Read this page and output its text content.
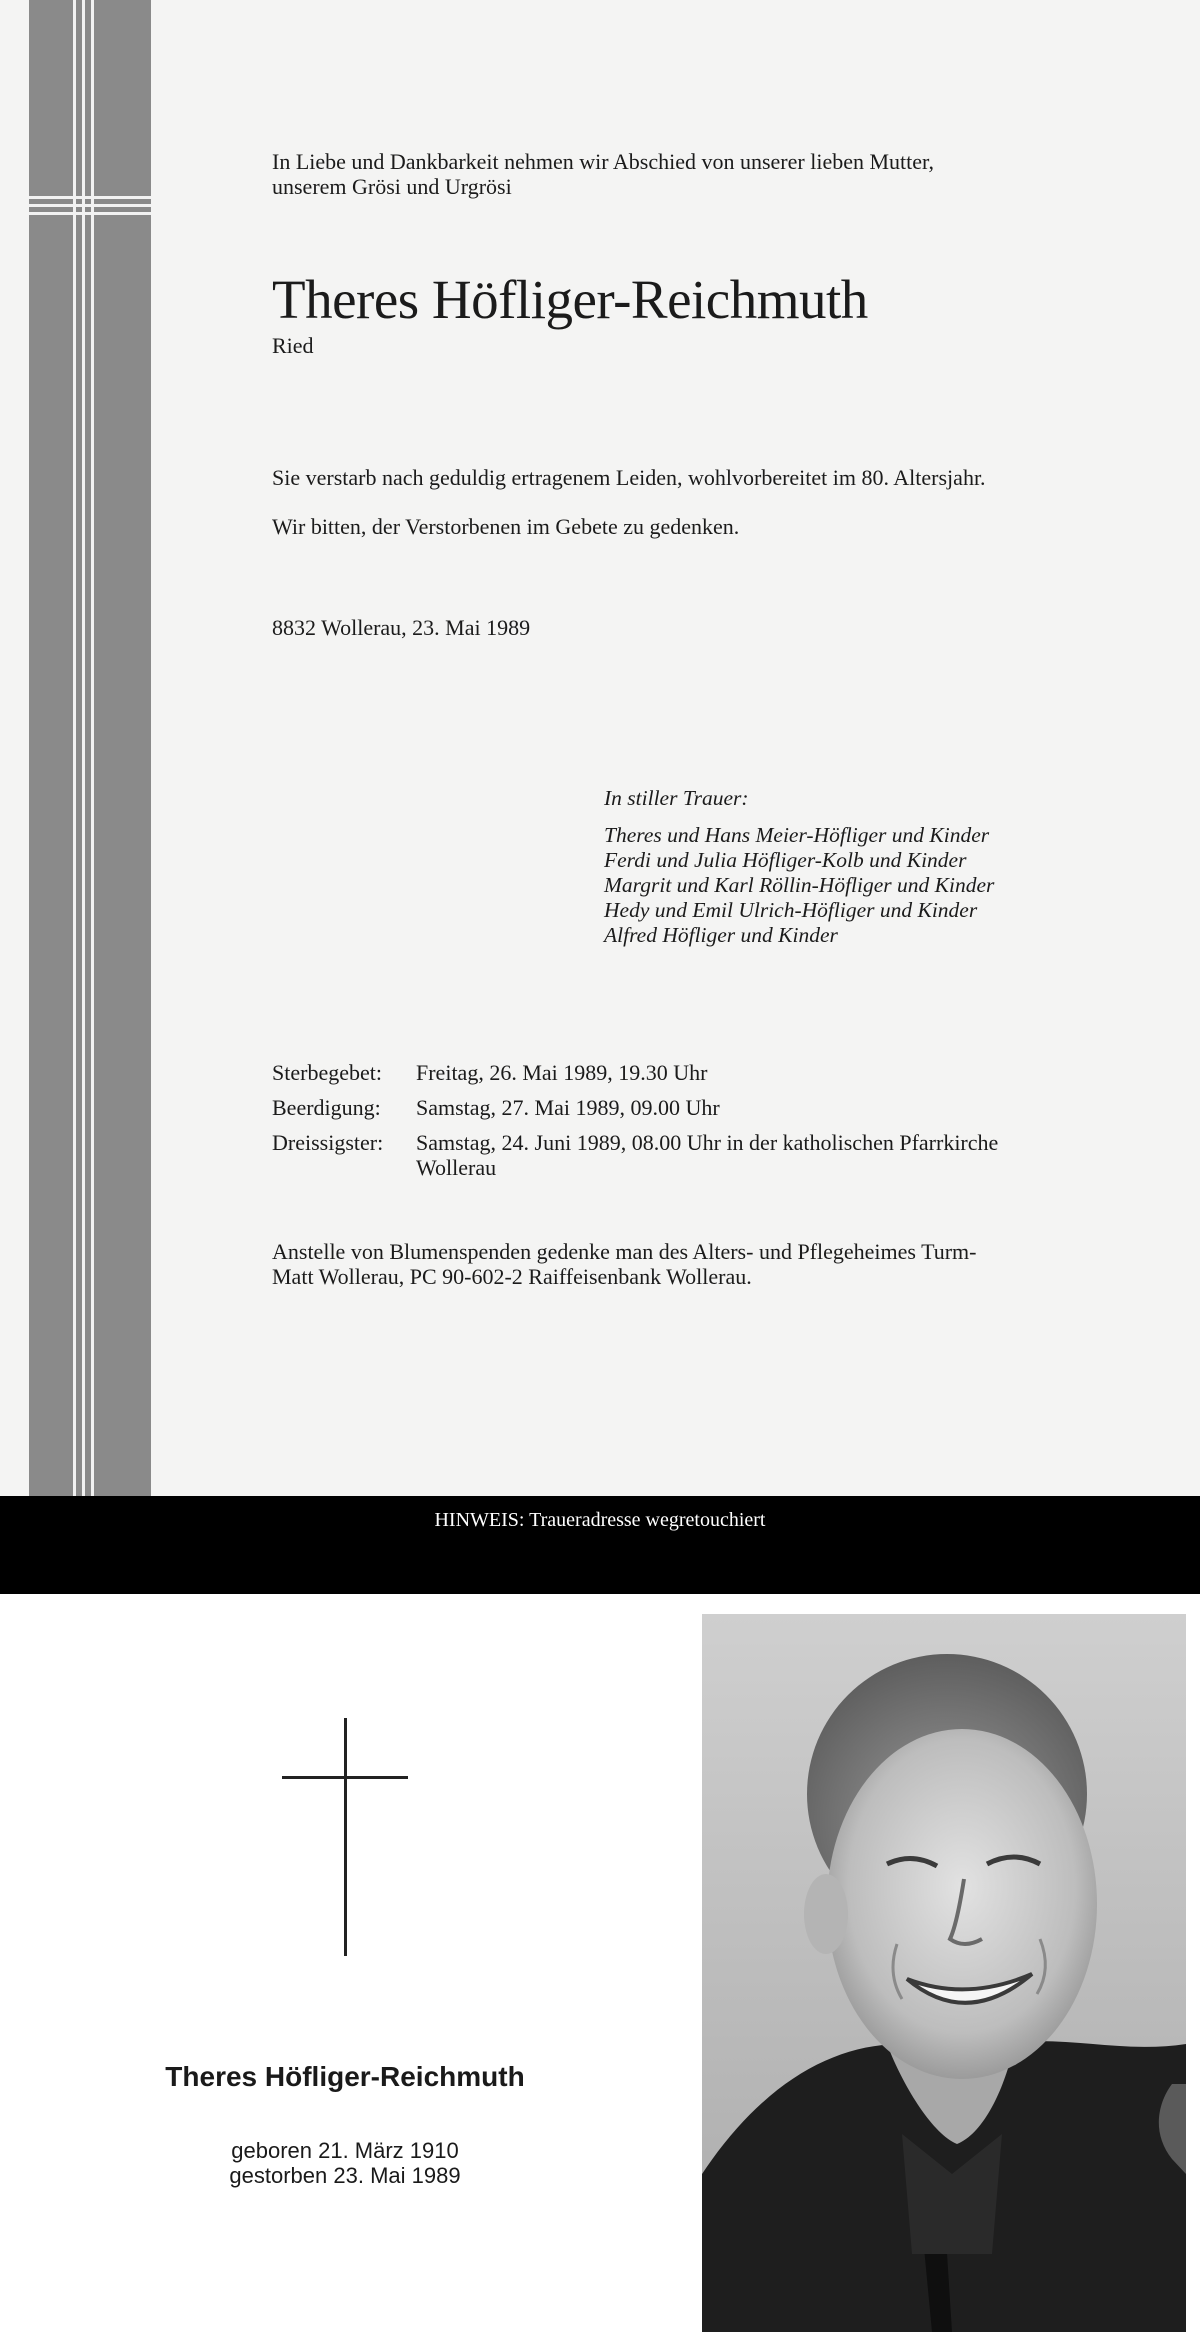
In Liebe und Dankbarkeit nehmen wir Abschied von unserer lieben Mutter,
unserem Grösi und Urgrösi
Theres Höfliger-Reichmuth
Ried
Sie verstarb nach geduldig ertragenem Leiden, wohlvorbereitet im 80. Altersjahr.
Wir bitten, der Verstorbenen im Gebete zu gedenken.
8832 Wollerau, 23. Mai 1989
In stiller Trauer:
Theres und Hans Meier-Höfliger und Kinder
Ferdi und Julia Höfliger-Kolb und Kinder
Margrit und Karl Röllin-Höfliger und Kinder
Hedy und Emil Ulrich-Höfliger und Kinder
Alfred Höfliger und Kinder
Sterbegebet:	Freitag, 26. Mai 1989, 19.30 Uhr
Beerdigung:	Samstag, 27. Mai 1989, 09.00 Uhr
Dreissigster:	Samstag, 24. Juni 1989, 08.00 Uhr in der katholischen Pfarrkirche Wollerau
Anstelle von Blumenspenden gedenke man des Alters- und Pflegeheimes Turm-
Matt Wollerau, PC 90-602-2 Raiffeisenbank Wollerau.
HINWEIS: Traueradresse wegretouchiert
Theres Höfliger-Reichmuth
geboren 21. März 1910
gestorben 23. Mai 1989
